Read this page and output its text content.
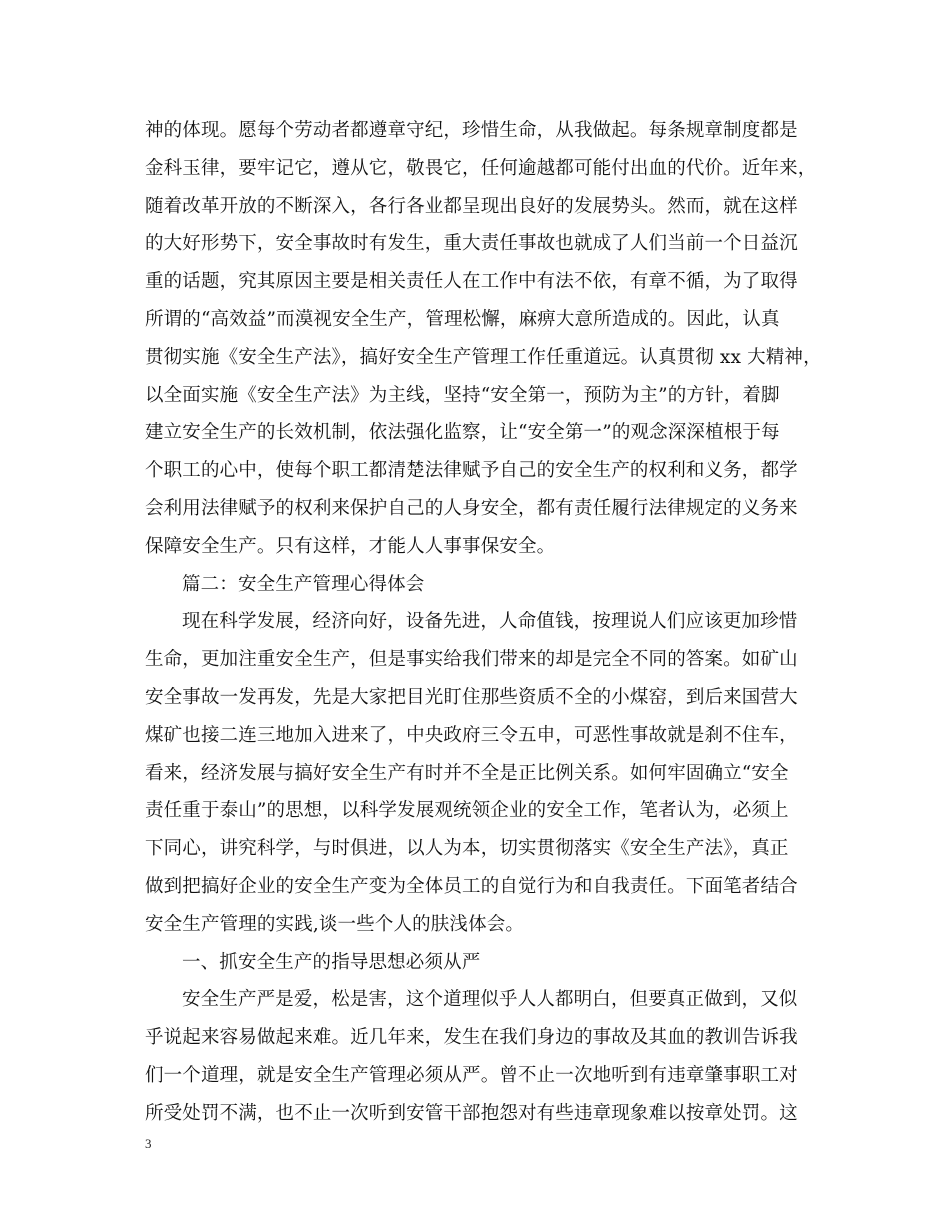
神的体现。愿每个劳动者都遵章守纪，珍惜生命，从我做起。每条规章制度都是
金科玉律，要牢记它，遵从它，敬畏它，任何逾越都可能付出血的代价。近年来，
随着改革开放的不断深入，各行各业都呈现出良好的发展势头。然而，就在这样
的大好形势下，安全事故时有发生，重大责任事故也就成了人们当前一个日益沉
重的话题，究其原因主要是相关责任人在工作中有法不依，有章不循，为了取得
所谓的“高效益”而漠视安全生产，管理松懈，麻痹大意所造成的。因此，认真
贯彻实施《安全生产法》，搞好安全生产管理工作任重道远。认真贯彻 xx 大精神，
以全面实施《安全生产法》为主线，坚持“安全第一，预防为主”的方针，着脚
建立安全生产的长效机制，依法强化监察，让“安全第一”的观念深深植根于每
个职工的心中，使每个职工都清楚法律赋予自己的安全生产的权利和义务，都学
会利用法律赋予的权利来保护自己的人身安全，都有责任履行法律规定的义务来
保障安全生产。只有这样，才能人人事事保安全。
篇二：安全生产管理心得体会
现在科学发展，经济向好，设备先进，人命值钱，按理说人们应该更加珍惜
生命，更加注重安全生产，但是事实给我们带来的却是完全不同的答案。如矿山
安全事故一发再发，先是大家把目光盯住那些资质不全的小煤窑，到后来国营大
煤矿也接二连三地加入进来了，中央政府三令五申，可恶性事故就是刹不住车，
看来，经济发展与搞好安全生产有时并不全是正比例关系。如何牢固确立“安全
责任重于泰山”的思想，以科学发展观统领企业的安全工作，笔者认为，必须上
下同心，讲究科学，与时俱进，以人为本，切实贯彻落实《安全生产法》，真正
做到把搞好企业的安全生产变为全体员工的自觉行为和自我责任。下面笔者结合
安全生产管理的实践,谈一些个人的肤浅体会。
一、抓安全生产的指导思想必须从严
安全生产严是爱，松是害，这个道理似乎人人都明白，但要真正做到，又似
乎说起来容易做起来难。近几年来，发生在我们身边的事故及其血的教训告诉我
们一个道理，就是安全生产管理必须从严。曾不止一次地听到有违章肇事职工对
所受处罚不满，也不止一次听到安管干部抱怨对有些违章现象难以按章处罚。这
3
